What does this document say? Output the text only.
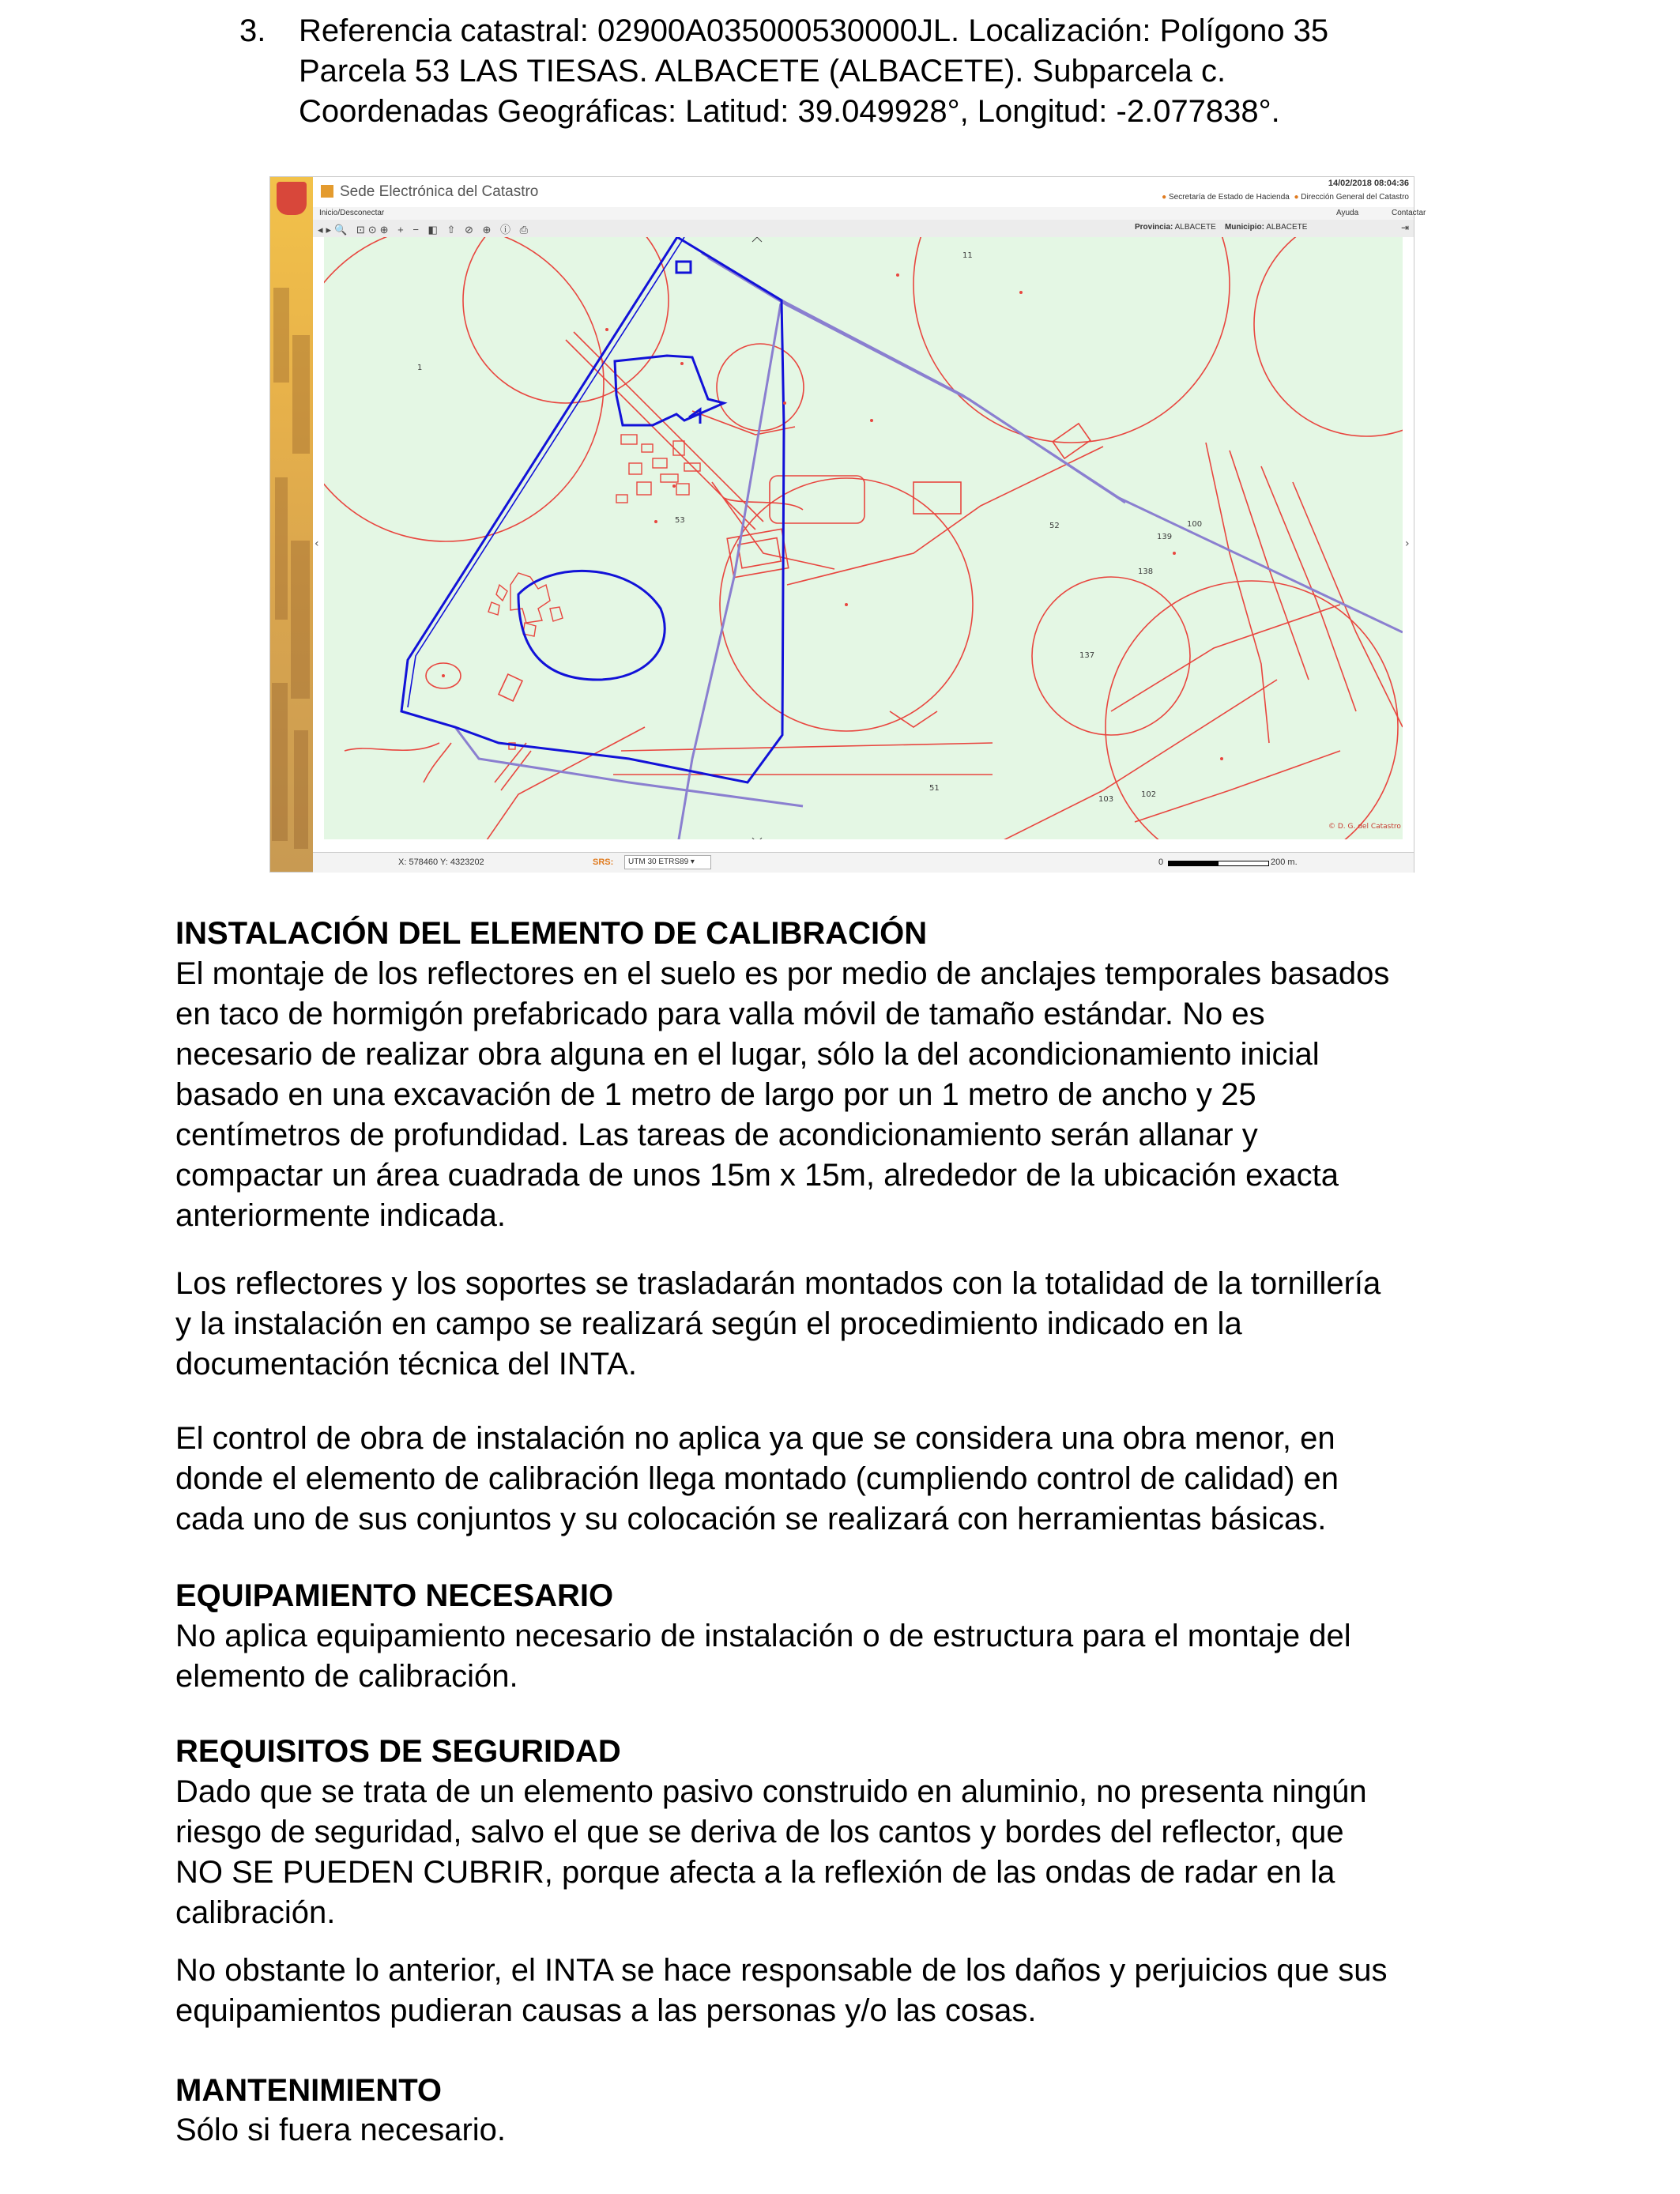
3. Referencia catastral: 02900A035000530000JL. Localización: Polígono 35
Parcela 53 LAS TIESAS. ALBACETE (ALBACETE). Subparcela c.
Coordenadas Geográficas: Latitud: 39.049928°, Longitud: -2.077838°.
Sede Electrónica del Catastro	14/02/2018 08:04:36
● Secretaría de Estado de Hacienda ● Dirección General del Catastro
Inicio/Desconectar	Ayuda	Contactar
◂▸🔍 ⊡⊙⊕ + − ◧ ⇧ ⊘ ⊕ ⓘ ⎙	Provincia: ALBACETE Municipio: ALBACETE	⇥
53
1
51
52	100
139
138
137
102
103
11
© D. G. del Catastro
‹	›
X: 578460 Y: 4323202	SRS:	UTM 30 ETRS89 ▾	0	200 m.
INSTALACIÓN DEL ELEMENTO DE CALIBRACIÓN
El montaje de los reflectores en el suelo es por medio de anclajes temporales basados
en taco de hormigón prefabricado para valla móvil de tamaño estándar. No es
necesario de realizar obra alguna en el lugar, sólo la del acondicionamiento inicial
basado en una excavación de 1 metro de largo por un 1 metro de ancho y 25
centímetros de profundidad. Las tareas de acondicionamiento serán allanar y
compactar un área cuadrada de unos 15m x 15m, alrededor de la ubicación exacta
anteriormente indicada.
Los reflectores y los soportes se trasladarán montados con la totalidad de la tornillería
y la instalación en campo se realizará según el procedimiento indicado en la
documentación técnica del INTA.
El control de obra de instalación no aplica ya que se considera una obra menor, en
donde el elemento de calibración llega montado (cumpliendo control de calidad) en
cada uno de sus conjuntos y su colocación se realizará con herramientas básicas.
EQUIPAMIENTO NECESARIO
No aplica equipamiento necesario de instalación o de estructura para el montaje del
elemento de calibración.
REQUISITOS DE SEGURIDAD
Dado que se trata de un elemento pasivo construido en aluminio, no presenta ningún
riesgo de seguridad, salvo el que se deriva de los cantos y bordes del reflector, que
NO SE PUEDEN CUBRIR, porque afecta a la reflexión de las ondas de radar en la
calibración.
No obstante lo anterior, el INTA se hace responsable de los daños y perjuicios que sus
equipamientos pudieran causas a las personas y/o las cosas.
MANTENIMIENTO
Sólo si fuera necesario.
